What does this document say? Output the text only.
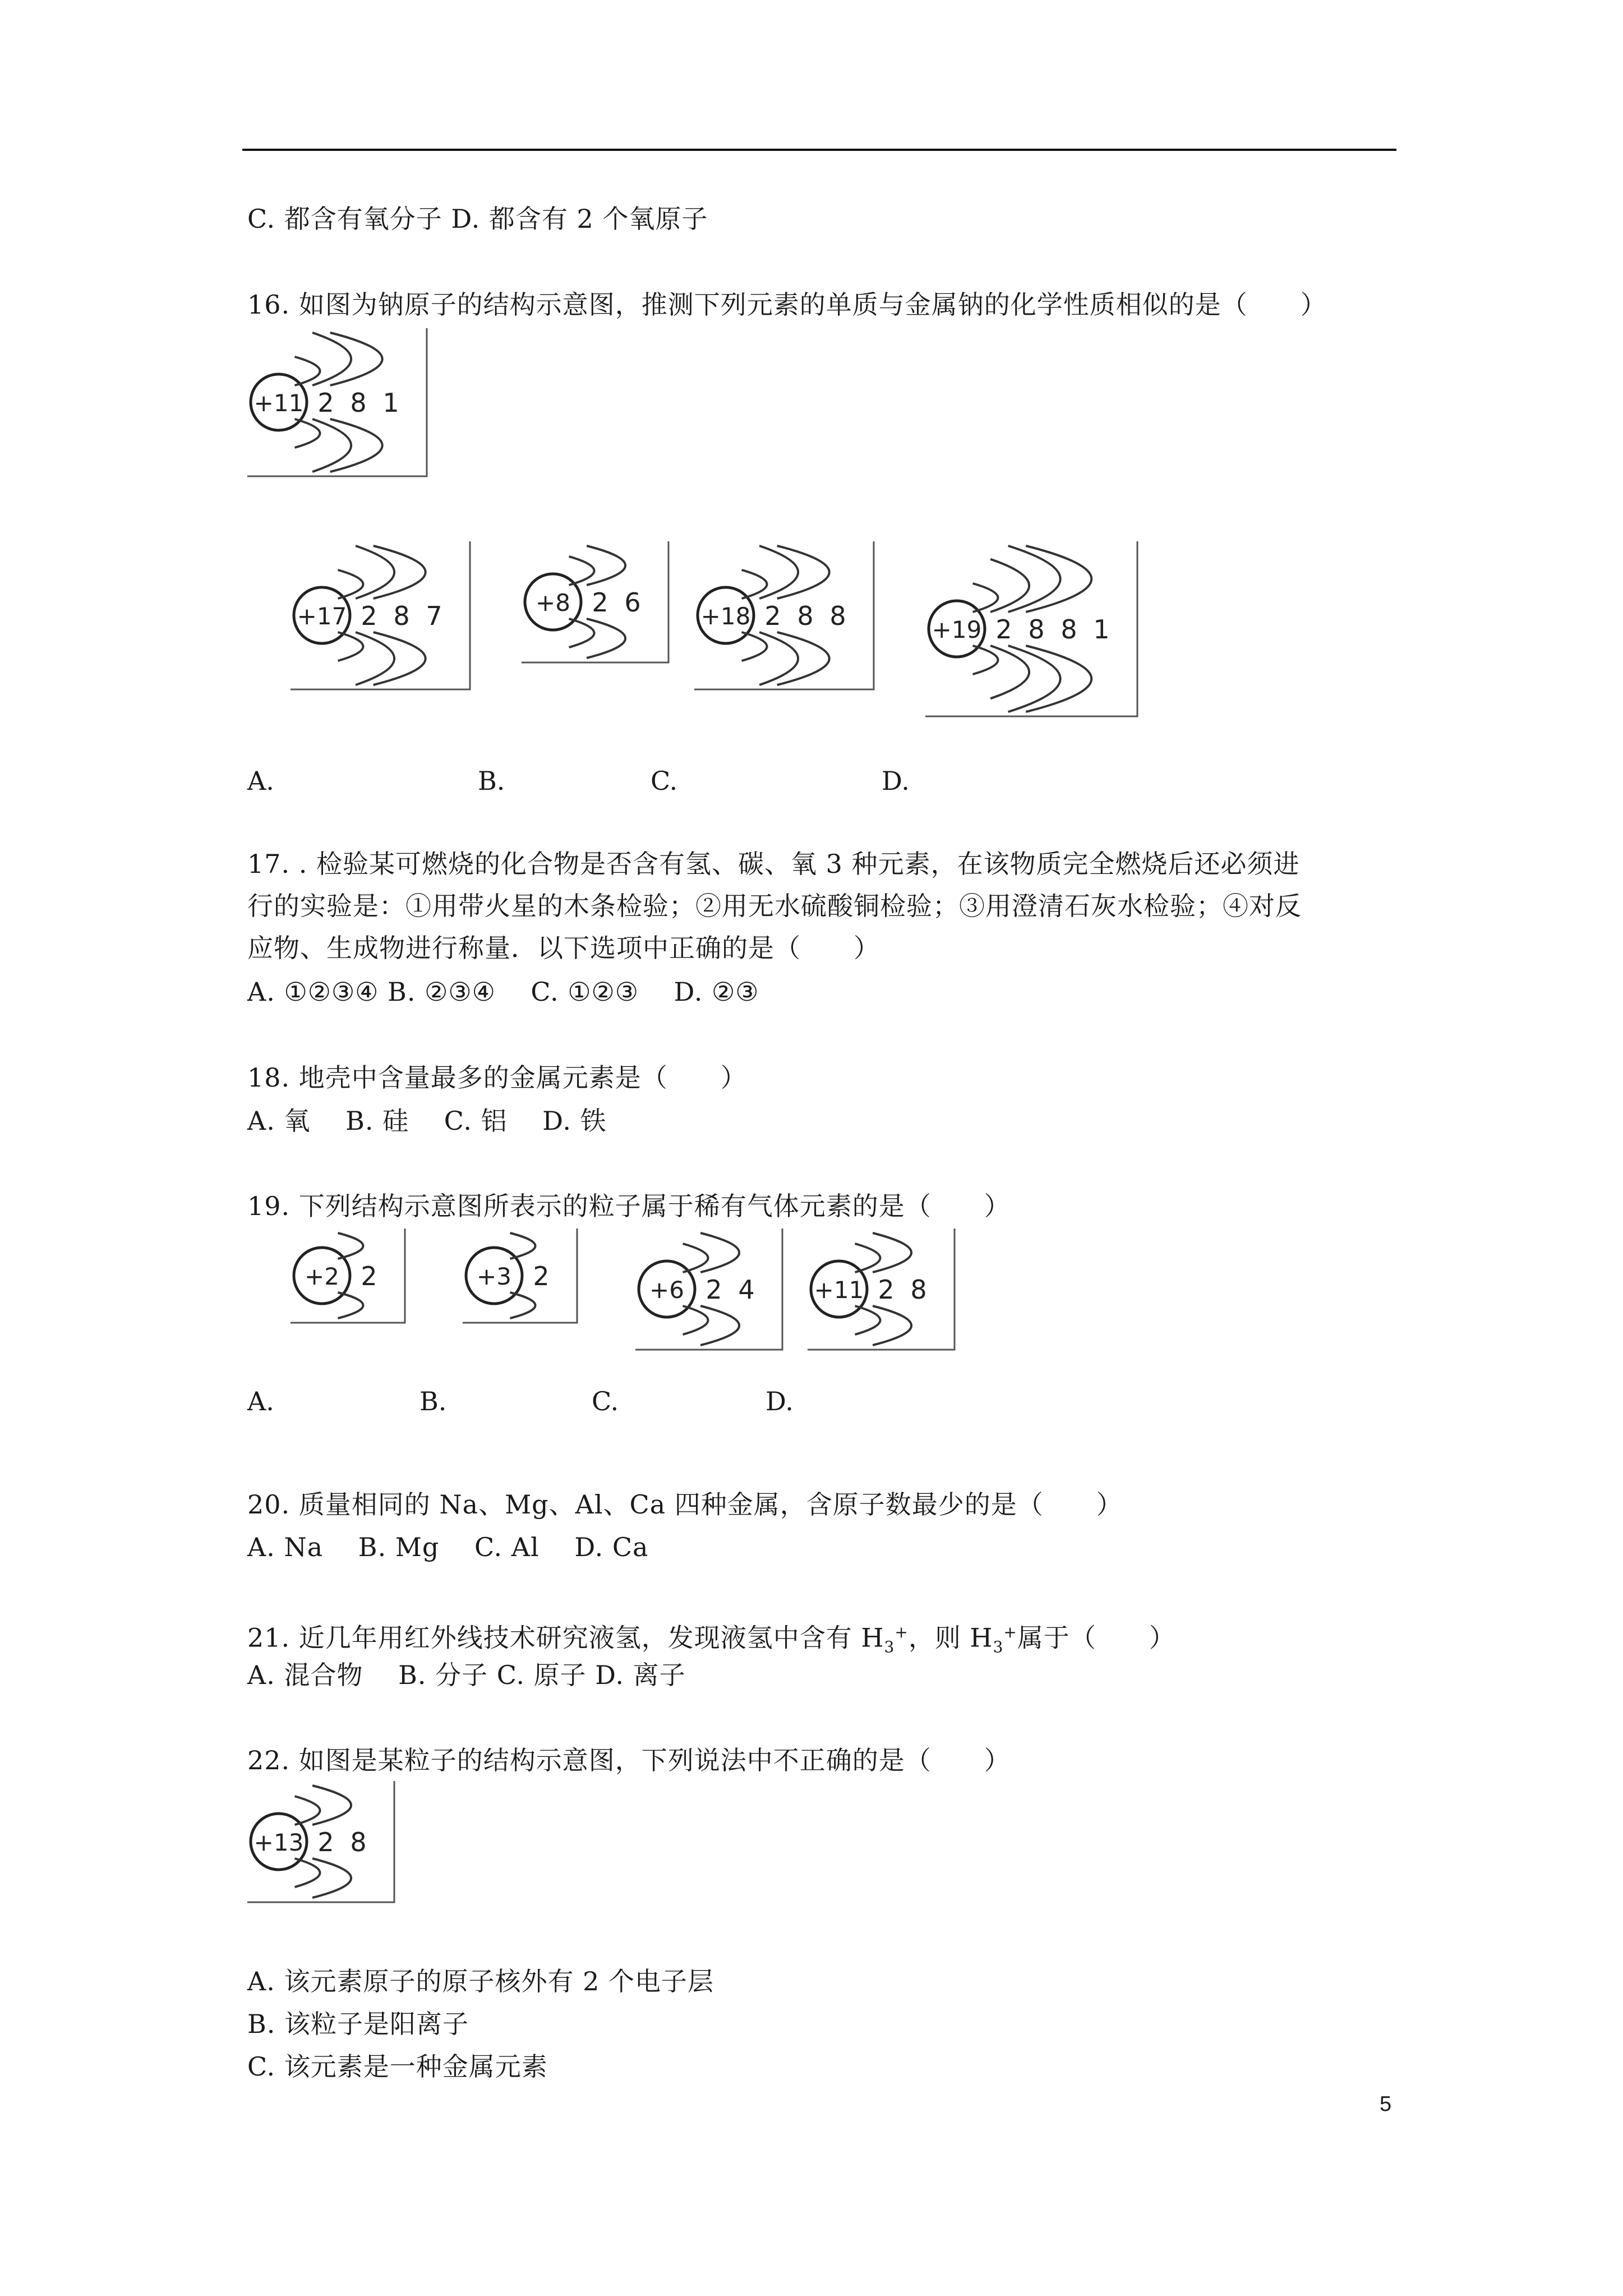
C. 都含有氧分子 D. 都含有 2 个氧原子
16. 如图为钠原子的结构示意图，推测下列元素的单质与金属钠的化学性质相似的是（　　）
+11 2 8 1
+17 2 8 7	+8 2 6	+18 2 8 8	+19 2 8 8 1
A.	B.	C.	D.
17. . 检验某可燃烧的化合物是否含有氢、碳、氧 3 种元素，在该物质完全燃烧后还必须进
行的实验是：①用带火星的木条检验；②用无水硫酸铜检验；③用澄清石灰水检验；④对反
应物、生成物进行称量．以下选项中正确的是（　　）
A. ①②③④ B. ②③④　 C. ①②③　 D. ②③
18. 地壳中含量最多的金属元素是（　　）
A. 氧　 B. 硅　 C. 铝　 D. 铁
19. 下列结构示意图所表示的粒子属于稀有气体元素的是（　　）
+2 2	+3 2	+6 2 4	+11 2 8
A.	B.	C.	D.
20. 质量相同的 Na、Mg、Al、Ca 四种金属，含原子数最少的是（　　）
A. Na　 B. Mg　 C. Al　 D. Ca
21. 近几年用红外线技术研究液氢，发现液氢中含有 $H_3^+$，则 $H_3^+$属于（　　）
A. 混合物　 B. 分子 C. 原子 D. 离子
22. 如图是某粒子的结构示意图，下列说法中不正确的是（　　）
+13 2 8
A. 该元素原子的原子核外有 2 个电子层
B. 该粒子是阳离子
C. 该元素是一种金属元素
5
